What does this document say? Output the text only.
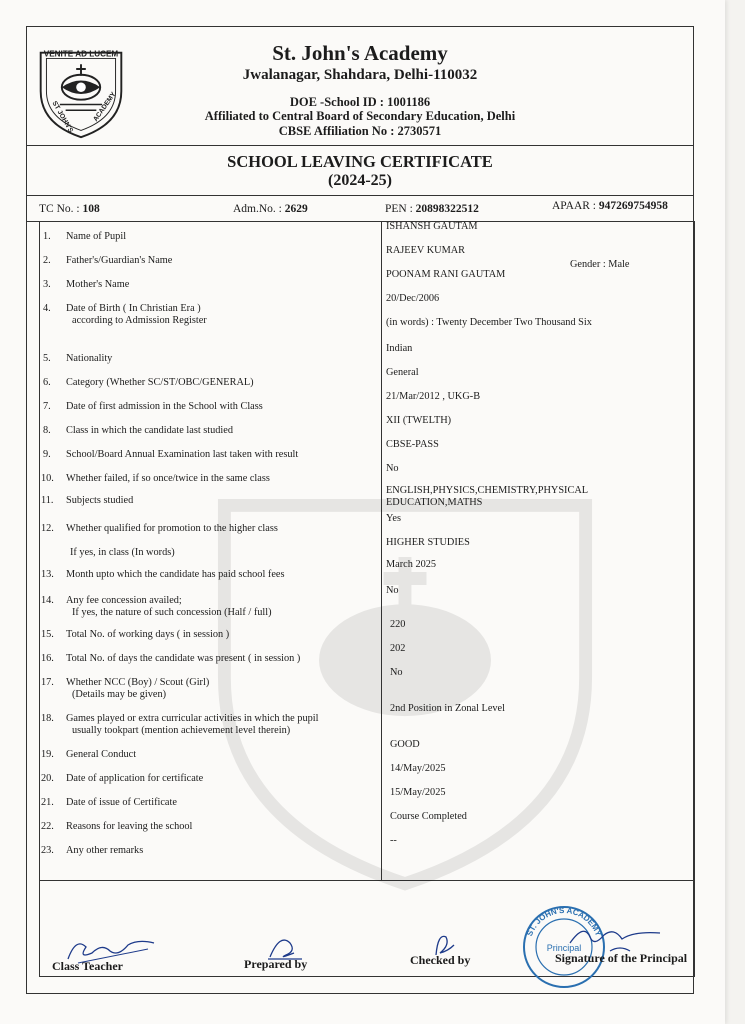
VENITE AD LUCEM
ST JOHN'S	ACADEMY
St. John's Academy
Jwalanagar, Shahdara, Delhi-110032
DOE -School ID : 1001186
Affiliated to Central Board of Secondary Education, Delhi
CBSE Affiliation No : 2730571
SCHOOL LEAVING CERTIFICATE
(2024-25)
TC No. : 108	Adm.No. : 2629	PEN : 20898322512	APAAR : 947269754958
Gender : Male
1.	Name of Pupil
ISHANSH GAUTAM
2.	Father's/Guardian's Name
RAJEEV KUMAR
3.	Mother's Name
POONAM RANI GAUTAM
4.	Date of Birth ( In Christian Era )
according to Admission Register
20/Dec/2006
(in words) : Twenty December Two Thousand Six
5.	Nationality
Indian
6.	Category (Whether SC/ST/OBC/GENERAL)
General
7.	Date of first admission in the School with Class
21/Mar/2012 , UKG-B
8.	Class in which the candidate last studied
XII (TWELTH)
9.	School/Board Annual Examination last taken with result
CBSE-PASS
10.	Whether failed, if so once/twice in the same class
No
11.	Subjects studied
ENGLISH,PHYSICS,CHEMISTRY,PHYSICAL
EDUCATION,MATHS
12.	Whether qualified for promotion to the higher class
Yes
If yes, in class (In words)
HIGHER STUDIES
13.	Month upto which the candidate has paid school fees
March 2025
14.	Any fee concession availed;
If yes, the nature of such concession (Half / full)
No
15.	Total No. of working days ( in session )
220
16.	Total No. of days the candidate was present ( in session )
202
17.	Whether NCC (Boy) / Scout (Girl)
(Details may be given)
No
18.	Games played or extra curricular activities in which the pupil
usually tookpart (mention achievement level therein)
2nd Position in Zonal Level
19.	General Conduct
GOOD
20.	Date of application for certificate
14/May/2025
21.	Date of issue of Certificate
15/May/2025
22.	Reasons for leaving the school
Course Completed
23.	Any other remarks
--
Class Teacher	Prepared by	Checked by
ST. JOHN'S ACADEMY
Principal
Signature of the Principal
